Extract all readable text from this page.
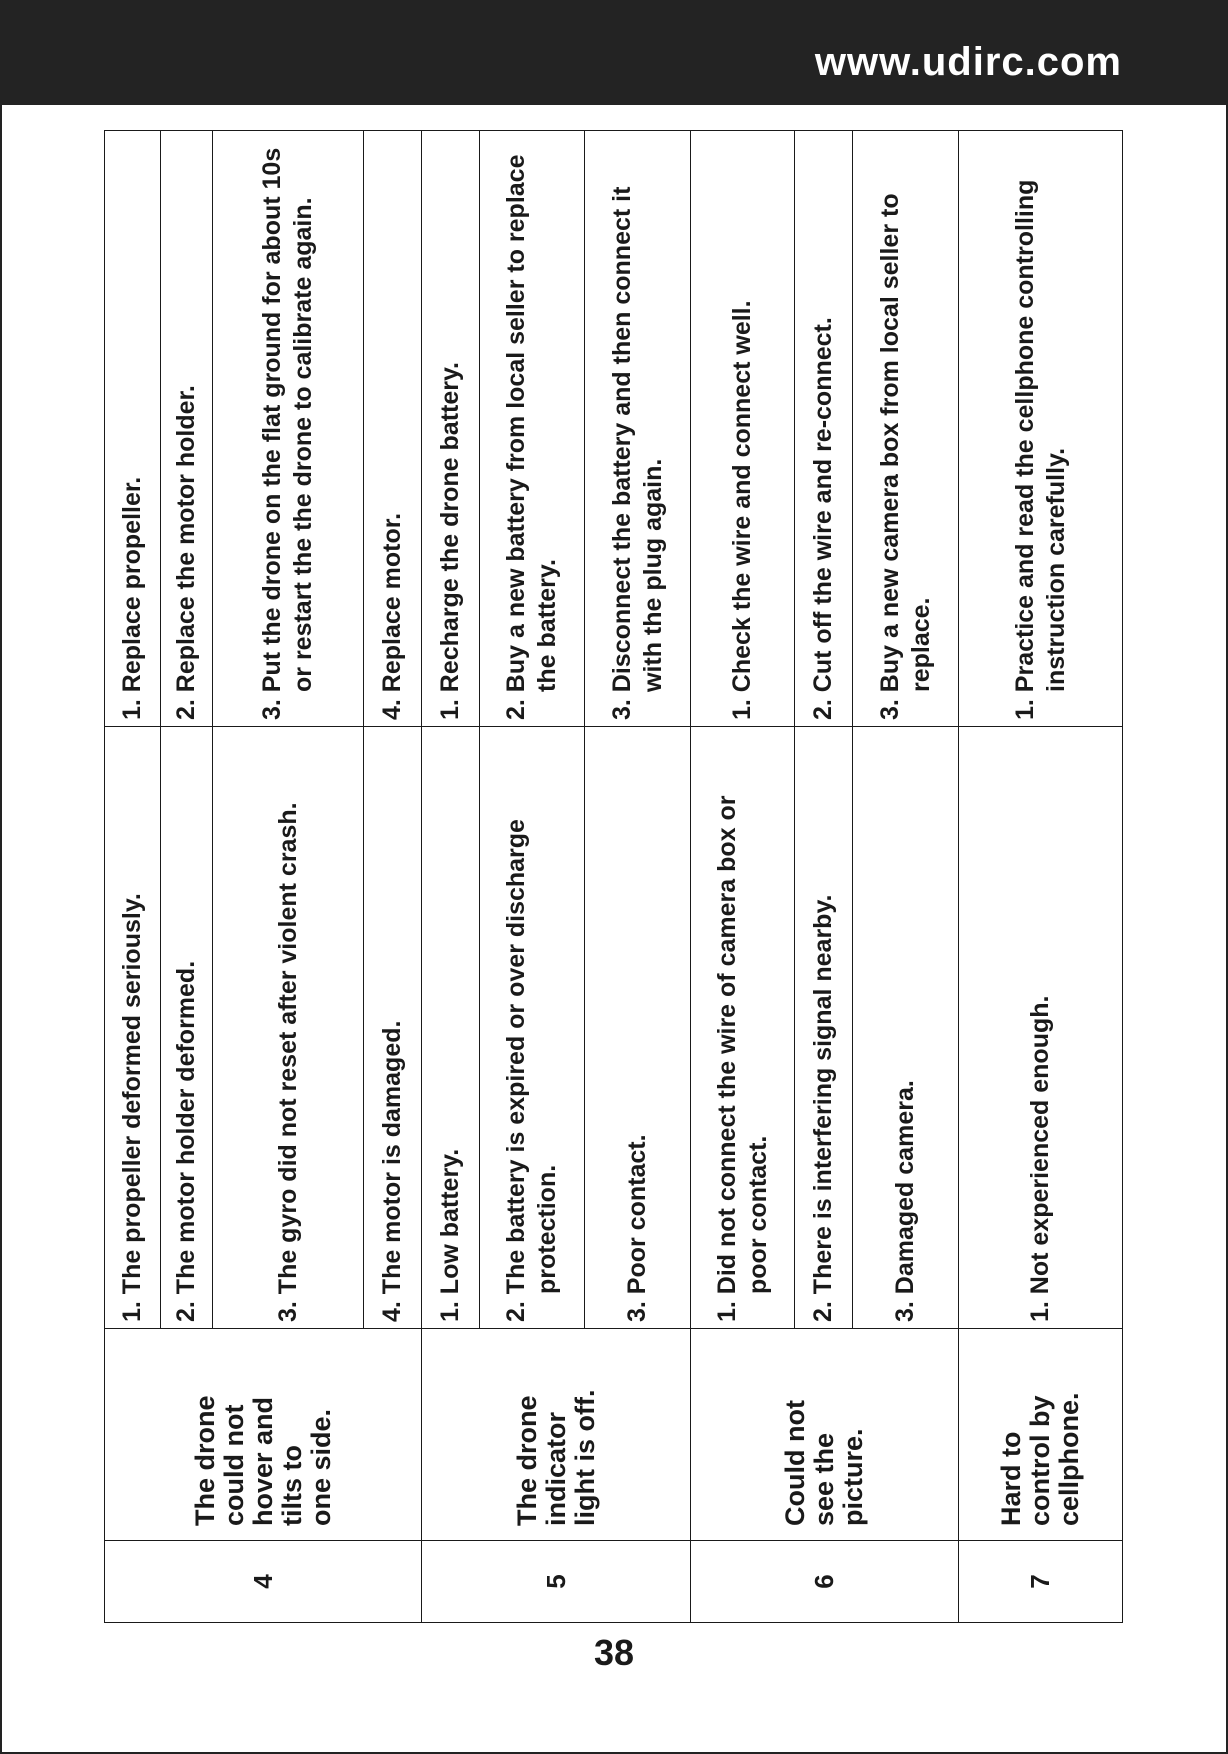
www.udirc.com
4	The drone
could not
hover and
tilts to
one side.	1. The propeller deformed seriously.	1. Replace propeller.
		2. The motor holder deformed.	2. Replace the motor holder.
		3. The gyro did not reset after violent crash.	3. Put the drone on the flat ground for about 10s or restart the the drone to calibrate again.
		4. The motor is damaged.	4. Replace motor.
5	The drone
indicator
light is off.	1. Low battery.	1. Recharge the drone battery.
		2. The battery is expired or over discharge protection.	2. Buy a new battery from local seller to replace the battery.
		3. Poor contact.	3. Disconnect the battery and then connect it with the plug again.
6	Could not
see the
picture.	1. Did not connect the wire of camera box or poor contact.	1. Check the wire and connect well.
		2. There is interfering signal nearby.	2. Cut off the wire and re-connect.
		3. Damaged camera.	3. Buy a new camera box from local seller to replace.
7	Hard to
control by
cellphone.	1. Not experienced enough.	1. Practice and read the cellphone controlling instruction carefully.
38
